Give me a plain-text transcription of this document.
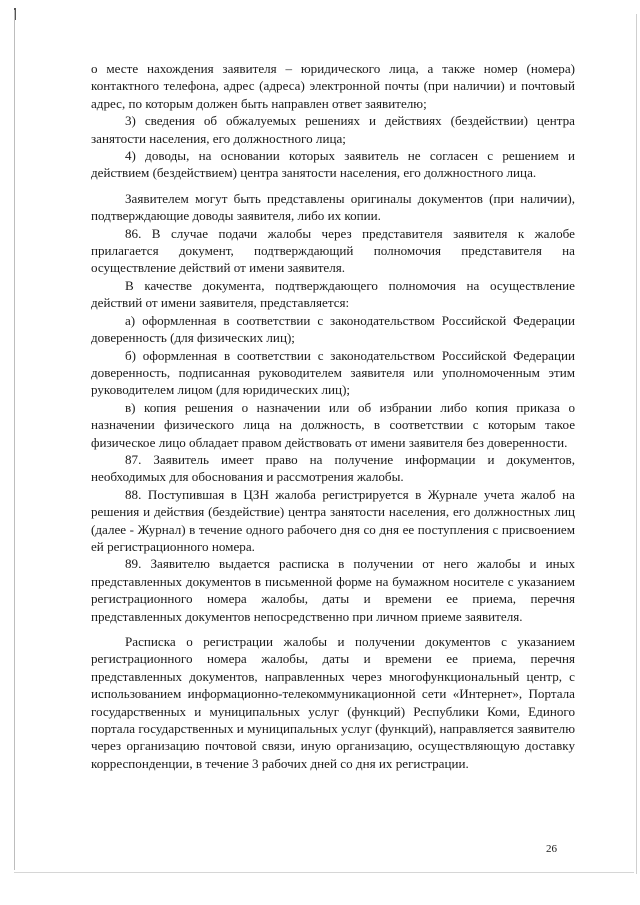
о месте нахождения заявителя – юридического лица, а также номер (номера) контактного телефона, адрес (адреса) электронной почты (при наличии) и почтовый адрес, по которым должен быть направлен ответ заявителю;

3) сведения об обжалуемых решениях и действиях (бездействии) центра занятости населения, его должностного лица;

4) доводы, на основании которых заявитель не согласен с решением и действием (бездействием) центра занятости населения, его должностного лица.

Заявителем могут быть представлены оригиналы документов (при наличии), подтверждающие доводы заявителя, либо их копии.

86. В случае подачи жалобы через представителя заявителя к жалобе прилагается документ, подтверждающий полномочия представителя на осуществление действий от имени заявителя.

В качестве документа, подтверждающего полномочия на осуществление действий от имени заявителя, представляется:

а) оформленная в соответствии с законодательством Российской Федерации доверенность (для физических лиц);

б) оформленная в соответствии с законодательством Российской Федерации доверенность, подписанная руководителем заявителя или уполномоченным этим руководителем лицом (для юридических лиц);

в) копия решения о назначении или об избрании либо копия приказа о назначении физического лица на должность, в соответствии с которым такое физическое лицо обладает правом действовать от имени заявителя без доверенности.

87. Заявитель имеет право на получение информации и документов, необходимых для обоснования и рассмотрения жалобы.

88. Поступившая в ЦЗН жалоба регистрируется в Журнале учета жалоб на решения и действия (бездействие) центра занятости населения, его должностных лиц (далее - Журнал) в течение одного рабочего дня со дня ее поступления с присвоением ей регистрационного номера.

89. Заявителю выдается расписка в получении от него жалобы и иных представленных документов в письменной форме на бумажном носителе с указанием регистрационного номера жалобы, даты и времени ее приема, перечня представленных документов непосредственно при личном приеме заявителя.

Расписка о регистрации жалобы и получении документов с указанием регистрационного номера жалобы, даты и времени ее приема, перечня представленных документов, направленных через многофункциональный центр, с использованием информационно-телекоммуникационной сети «Интернет», Портала государственных и муниципальных услуг (функций) Республики Коми, Единого портала государственных и муниципальных услуг (функций), направляется заявителю через организацию почтовой связи, иную организацию, осуществляющую доставку корреспонденции, в течение 3 рабочих дней со дня их регистрации.

26
